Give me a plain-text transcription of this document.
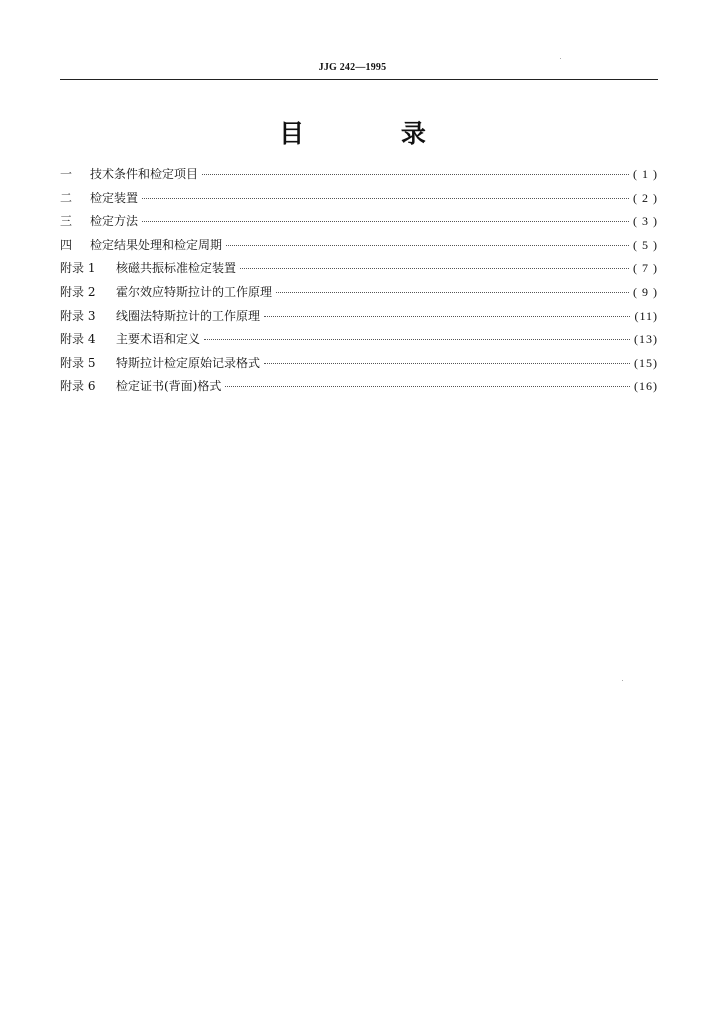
JJG 242—1995
目 录
一	技术条件和检定项目	( 1 )
二	检定装置	( 2 )
三	检定方法	( 3 )
四	检定结果处理和检定周期	( 5 )
附录 1	核磁共振标准检定装置	( 7 )
附录 2	霍尔效应特斯拉计的工作原理	( 9 )
附录 3	线圈法特斯拉计的工作原理	(11)
附录 4	主要术语和定义	(13)
附录 5	特斯拉计检定原始记录格式	(15)
附录 6	检定证书(背面)格式	(16)
